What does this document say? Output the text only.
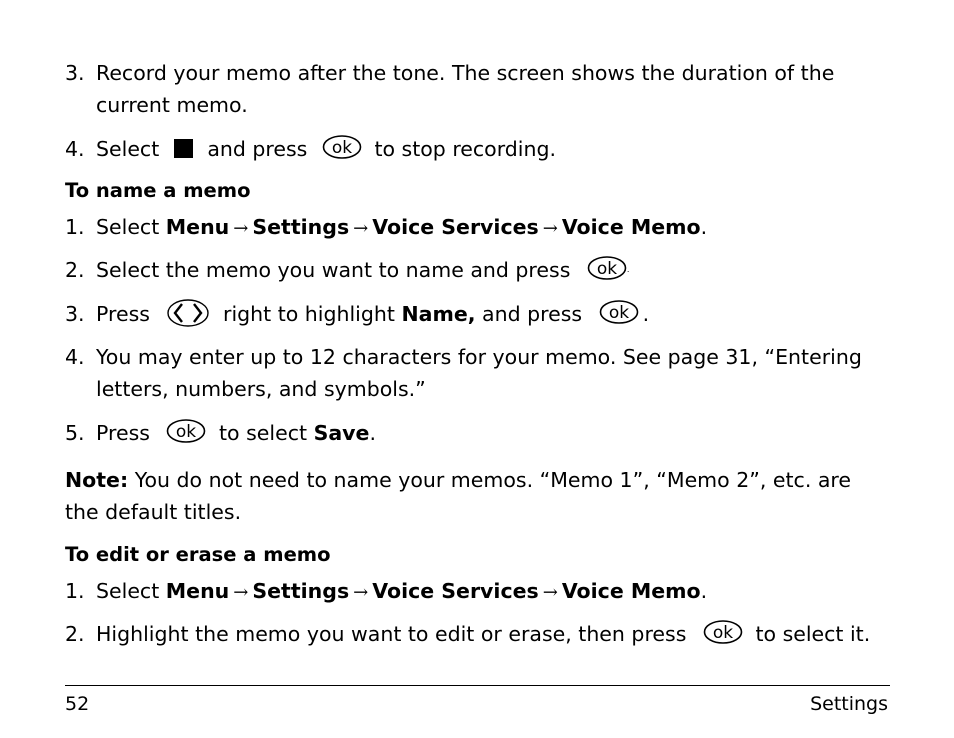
3. Record your memo after the tone. The screen shows the duration of the
current memo.
4. Select and press	to stop recording.
To name a memo
1. Select Menu → Settings → Voice Services → Voice Memo.
2. Select the memo you want to name and press	.
3. Press	right to highlight Name, and press	.
4. You may enter up to 12 characters for your memo. See page 31, “Entering
letters, numbers, and symbols.”
5. Press	to select Save.
Note: You do not need to name your memos. “Memo 1”, “Memo 2”, etc. are
the default titles.
To edit or erase a memo
1. Select Menu → Settings → Voice Services → Voice Memo.
2. Highlight the memo you want to edit or erase, then press	to select it.
52	Settings
